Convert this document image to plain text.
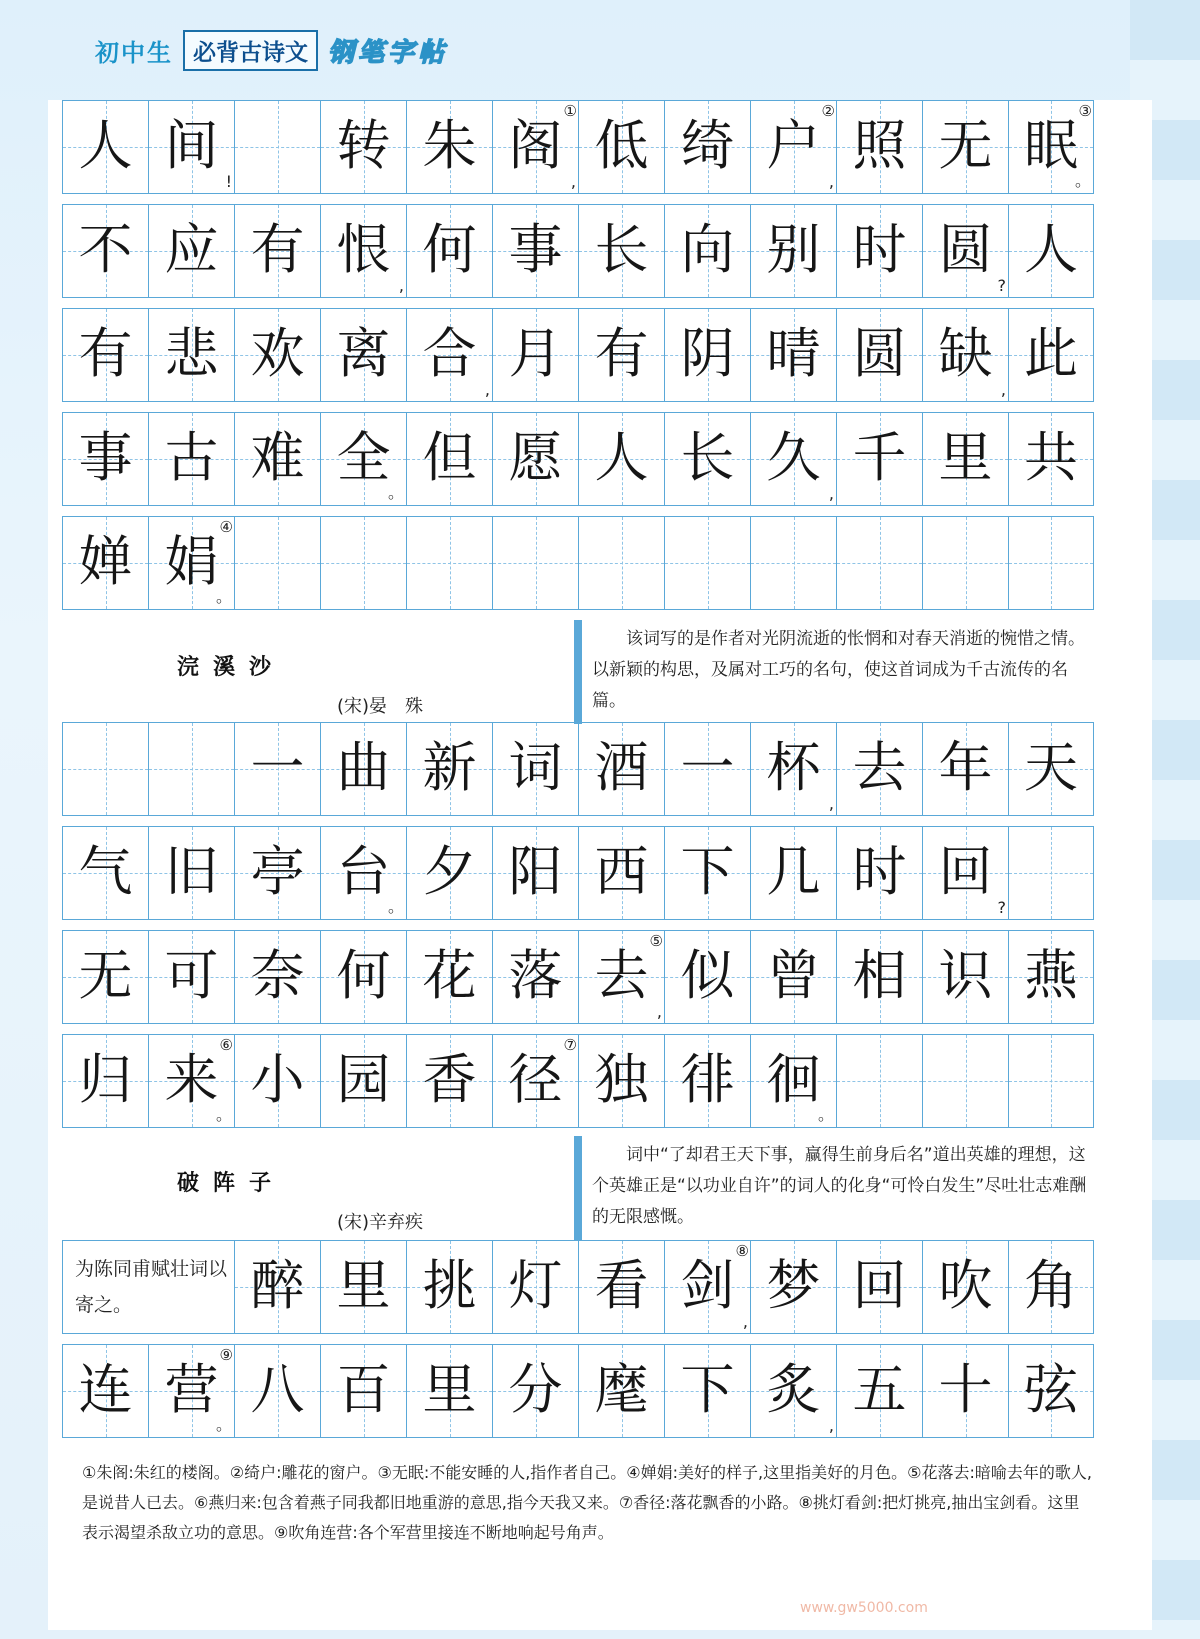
初中生 必背古诗文 钢笔字帖
人 间
!
转 朱 阁
,
①
低 绮 户
,
②
照 无 眠
。
③
不 应 有 恨
,
何 事 长 向 别 时 圆
?
人
有 悲 欢 离 合
,
月 有 阴 晴 圆 缺
,
此
事 古 难 全
。
但 愿 人 长 久
,
千 里 共
婵 娟
。
④
浣溪沙
(宋)晏　殊
该词写的是作者对光阴流逝的怅惘和对春天消逝的惋惜之情。以新颖的构思，及属对工巧的名句，使这首词成为千古流传的名篇。
一 曲 新 词 酒 一 杯
,
去 年 天
气 旧 亭 台
。
夕 阳 西 下 几 时 回
?
无 可 奈 何 花 落 去
,
⑤
似 曾 相 识 燕
归 来
。
⑥
小 园 香 径
⑦
独 徘 徊
。
破阵子
(宋)辛弃疾
词中“了却君王天下事，赢得生前身后名”道出英雄的理想，这个英雄正是“以功业自许”的词人的化身“可怜白发生”尽吐壮志难酬的无限感慨。
为陈同甫赋壮词以寄之。	醉 里 挑 灯 看 剑
,
⑧
梦 回 吹 角
连 营
。
⑨
八 百 里 分 麾 下 炙
,
五 十 弦
①朱阁:朱红的楼阁。②绮户:雕花的窗户。③无眠:不能安睡的人,指作者自己。④婵娟:美好的样子,这里指美好的月色。⑤花落去:暗喻去年的歌人,是说昔人已去。⑥燕归来:包含着燕子同我都旧地重游的意思,指今天我又来。⑦香径:落花飘香的小路。⑧挑灯看剑:把灯挑亮,抽出宝剑看。这里表示渴望杀敌立功的意思。⑨吹角连营:各个军营里接连不断地响起号角声。
www.gw5000.com
